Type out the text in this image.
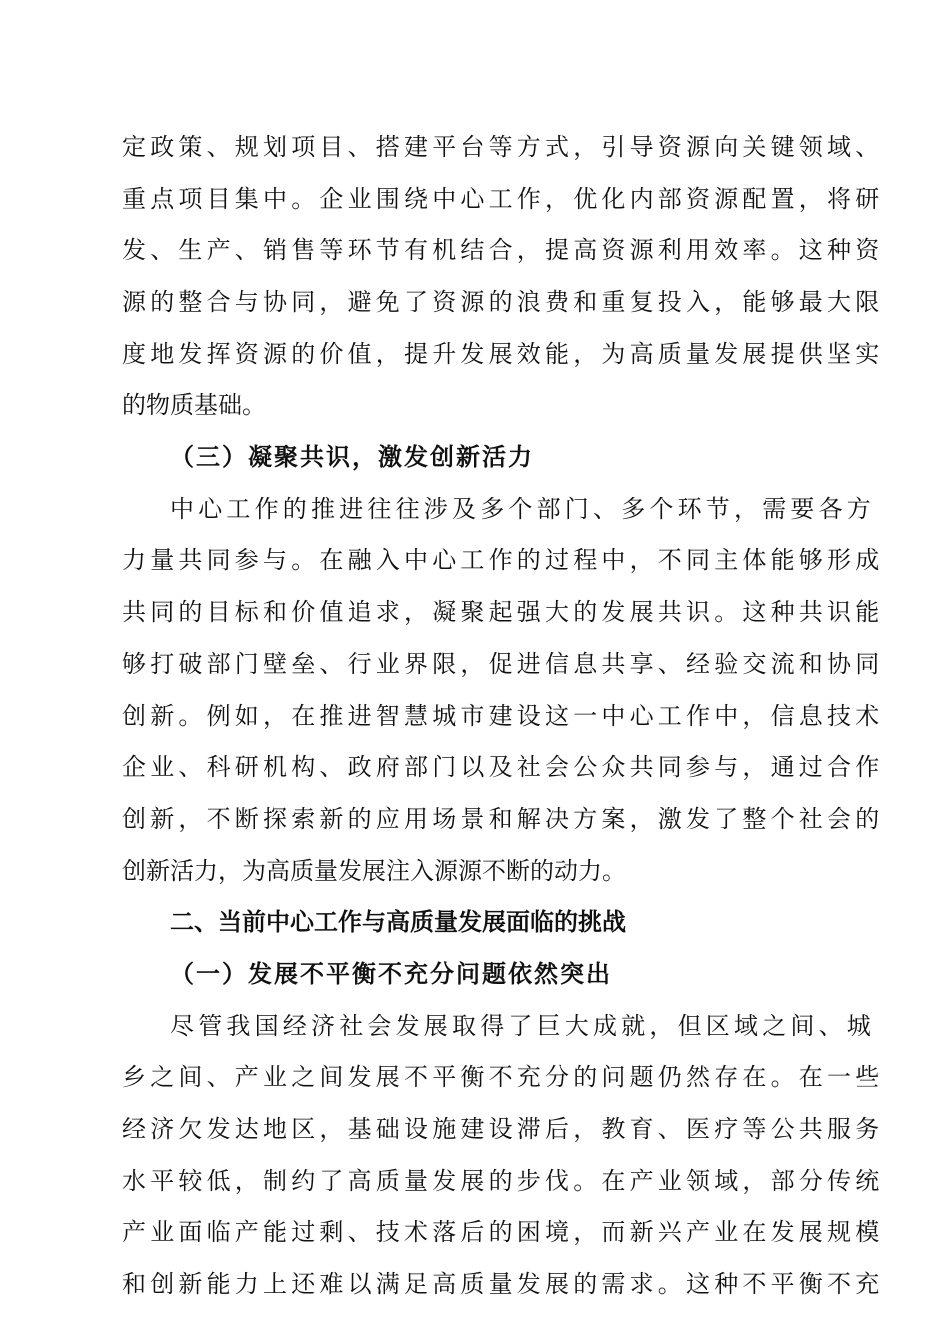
定政策、规划项目、搭建平台等方式，引导资源向关键领域、
重点项目集中。企业围绕中心工作，优化内部资源配置，将研
发、生产、销售等环节有机结合，提高资源利用效率。这种资
源的整合与协同，避免了资源的浪费和重复投入，能够最大限
度地发挥资源的价值，提升发展效能，为高质量发展提供坚实
的物质基础。
（三）凝聚共识，激发创新活力
中心工作的推进往往涉及多个部门、多个环节，需要各方
力量共同参与。在融入中心工作的过程中，不同主体能够形成
共同的目标和价值追求，凝聚起强大的发展共识。这种共识能
够打破部门壁垒、行业界限，促进信息共享、经验交流和协同
创新。例如，在推进智慧城市建设这一中心工作中，信息技术
企业、科研机构、政府部门以及社会公众共同参与，通过合作
创新，不断探索新的应用场景和解决方案，激发了整个社会的
创新活力，为高质量发展注入源源不断的动力。
二、当前中心工作与高质量发展面临的挑战
（一）发展不平衡不充分问题依然突出
尽管我国经济社会发展取得了巨大成就，但区域之间、城
乡之间、产业之间发展不平衡不充分的问题仍然存在。在一些
经济欠发达地区，基础设施建设滞后，教育、医疗等公共服务
水平较低，制约了高质量发展的步伐。在产业领域，部分传统
产业面临产能过剩、技术落后的困境，而新兴产业在发展规模
和创新能力上还难以满足高质量发展的需求。这种不平衡不充
